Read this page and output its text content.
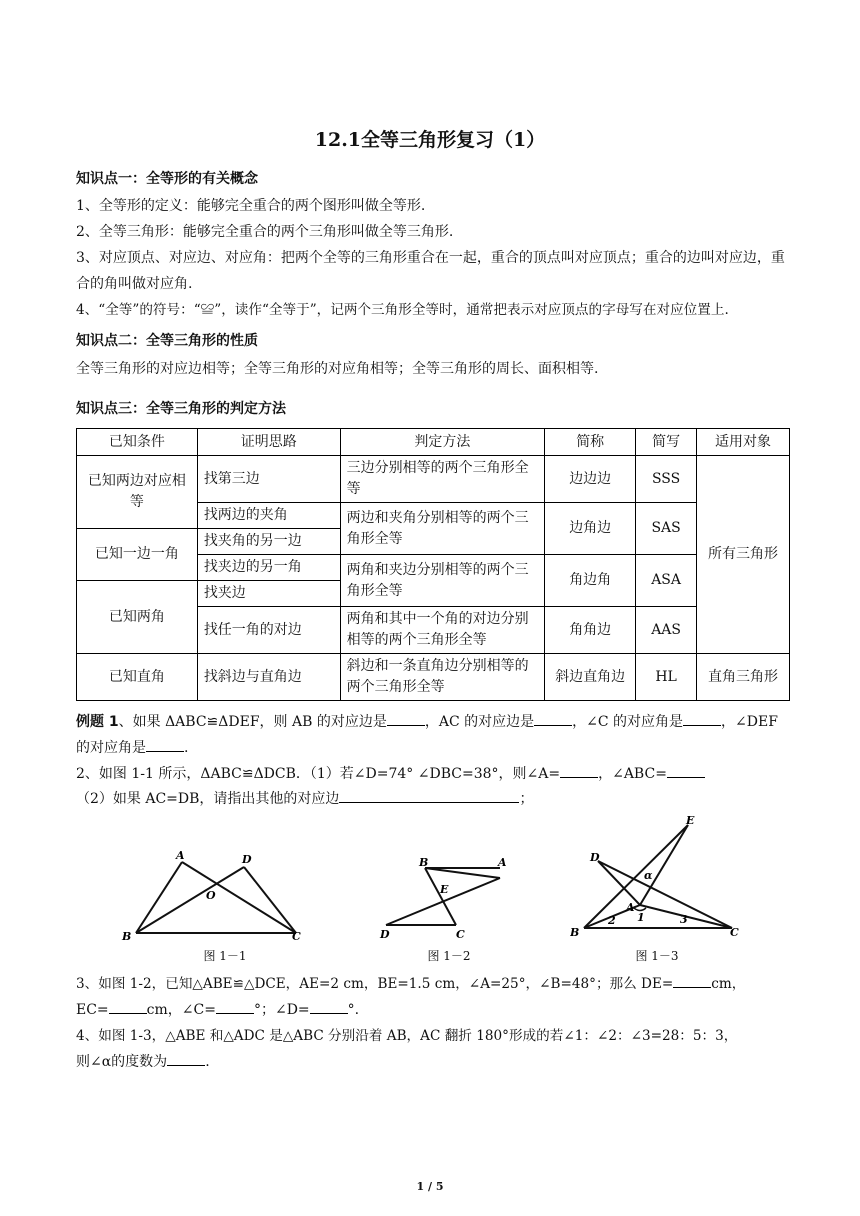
12.1全等三角形复习（1）
知识点一：全等形的有关概念
1、全等形的定义：能够完全重合的两个图形叫做全等形.
2、全等三角形：能够完全重合的两个三角形叫做全等三角形.
3、对应顶点、对应边、对应角：把两个全等的三角形重合在一起，重合的顶点叫对应顶点；重合的边叫对应边，重合的角叫做对应角.
4、“全等”的符号：“≌”，读作“全等于”，记两个三角形全等时，通常把表示对应顶点的字母写在对应位置上.
知识点二：全等三角形的性质
全等三角形的对应边相等；全等三角形的对应角相等；全等三角形的周长、面积相等.
知识点三：全等三角形的判定方法
已知条件	证明思路	判定方法	简称	简写	适用对象
已知两边对应相等	找第三边	三边分别相等的两个三角形全等	边边边	SSS	所有三角形
	找两边的夹角	两边和夹角分别相等的两个三角形全等	边角边	SAS	
已知一边一角	找夹角的另一边				
	找夹边的另一角	两角和夹边分别相等的两个三角形全等	角边角	ASA	
已知两角	找夹边				
	找任一角的对边	两角和其中一个角的对边分别相等的两个三角形全等	角角边	AAS	
已知直角	找斜边与直角边	斜边和一条直角边分别相等的两个三角形全等	斜边直角边	HL	直角三角形
例题 1、如果 ΔABC≌ΔDEF，则 AB 的对应边是	，AC 的对应边是	，∠C 的对应角是	，∠DEF
的对应角是	.
2、如图 1-1 所示，ΔABC≌ΔDCB．（1）若∠D=74° ∠DBC=38°，则∠A=	，∠ABC=
（2）如果 AC=DB，请指出其他的对应边	；
A	D
O
B	C
图 1－1
B	A
E
D	C
图 1－2
E
D
α
A
1
2	3
B	C
图 1－3
3、如图 1-2，已知△ABE≌△DCE，AE=2 cm，BE=1.5 cm，∠A=25°，∠B=48°；那么 DE=	cm，
EC=	cm，∠C=	°；∠D=	°.
4、如图 1-3，△ABE 和△ADC 是△ABC 分别沿着 AB，AC 翻折 180°形成的若∠1：∠2：∠3=28：5：3，
则∠α的度数为	.
1 / 5
